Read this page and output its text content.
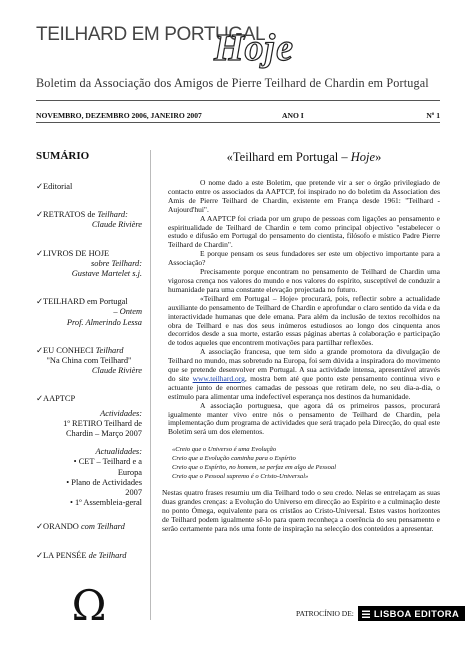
TEILHARD EM PORTUGAL
Hoje
Boletim da Associação dos Amigos de Pierre Teilhard de Chardin em Portugal
NOVEMBRO, DEZEMBRO 2006, JANEIRO 2007	ANO I	Nº 1
SUMÁRIO
✓Editorial
✓RETRATOS de Teilhard:
Claude Rivière
✓LIVROS DE HOJE
sobre Teilhard:
Gustave Martelet s.j.
✓TEILHARD em Portugal
– Ontem
Prof. Almerindo Lessa
✓EU CONHECI Teilhard
"Na China com Teilhard"
Claude Rivière
✓AAPTCP
Actividades:
1º RETIRO Teilhard de
Chardin – Março 2007
Actualidades:
• CET – Teilhard e a
Europa
• Plano de Actividades
2007
• 1º Assembleia-geral
✓ORANDO com Teilhard
✓LA PENSÉE de Teilhard
Ω
«Teilhard em Portugal – Hoje»

O nome dado a este Boletim, que pretende vir a ser o órgão privilegiado de contacto entre os associados da AAPTCP, foi inspirado no do boletim da Association des Amis de Pierre Teilhard de Chardin, existente em França desde 1961: "Teilhard - Aujourd'hui".

A AAPTCP foi criada por um grupo de pessoas com ligações ao pensamento e espiritualidade de Teilhard de Chardin e tem como principal objectivo "estabelecer o estudo e difusão em Portugal do pensamento do cientista, filósofo e místico Padre Pierre Teilhard de Chardin".

E porque pensam os seus fundadores ser este um objectivo importante para a Associação?

Precisamente porque encontram no pensamento de Teilhard de Chardin uma vigorosa crença nos valores do mundo e nos valores do espírito, susceptível de conduzir a humanidade para uma constante elevação projectada no futuro.

«Teilhard em Portugal – Hoje» procurará, pois, reflectir sobre a actualidade auxiliante do pensamento de Teilhard de Chardin e aprofundar o claro sentido da vida e da interactividade humanas que dele emana. Para além da inclusão de textos recolhidos na obra de Teilhard e nas dos seus inúmeros estudiosos ao longo dos cinquenta anos decorridos desde a sua morte, estarão essas páginas abertas à colaboração e participação de todos aqueles que encontrem motivações para partilhar reflexões.

A associação francesa, que tem sido a grande promotora da divulgação de Teilhard no mundo, mas sobretudo na Europa, foi sem dúvida a inspiradora do movimento que se pretende desenvolver em Portugal. A sua actividade intensa, apresentável através do site www.teilhard.org, mostra bem até que ponto este pensamento continua vivo e actuante junto de enormes camadas de pessoas que retiram dele, no seu dia-a-dia, o estímulo para alimentar uma indefectível esperança nos destinos da humanidade.

A associação portuguesa, que agora dá os primeiros passos, procurará igualmente manter vivo entre nós o pensamento de Teilhard de Chardin, pela implementação dum programa de actividades que será traçado pela Direcção, do qual este Boletim será um dos elementos.

«Creio que o Universo é uma Evolução
Creio que a Evolução caminha para o Espírito
Creio que o Espírito, no homem, se perfaz em algo de Pessoal
Creio que o Pessoal supremo é o Cristo-Universal»

Nestas quatro frases resumiu um dia Teilhard todo o seu credo. Nelas se entrelaçam as suas duas grandes crenças: a Evolução do Universo em direcção ao Espírito e a culminação deste no ponto Ómega, equivalente para os cristãos ao Cristo-Universal. Estes vastos horizontes de Teilhard podem igualmente sê-lo para quem reconheça a coerência do seu pensamento e serão certamente para nós uma fonte de inspiração na selecção dos conteúdos a apresentar.

PATROCÍNIO DE: LISBOA EDITORA
